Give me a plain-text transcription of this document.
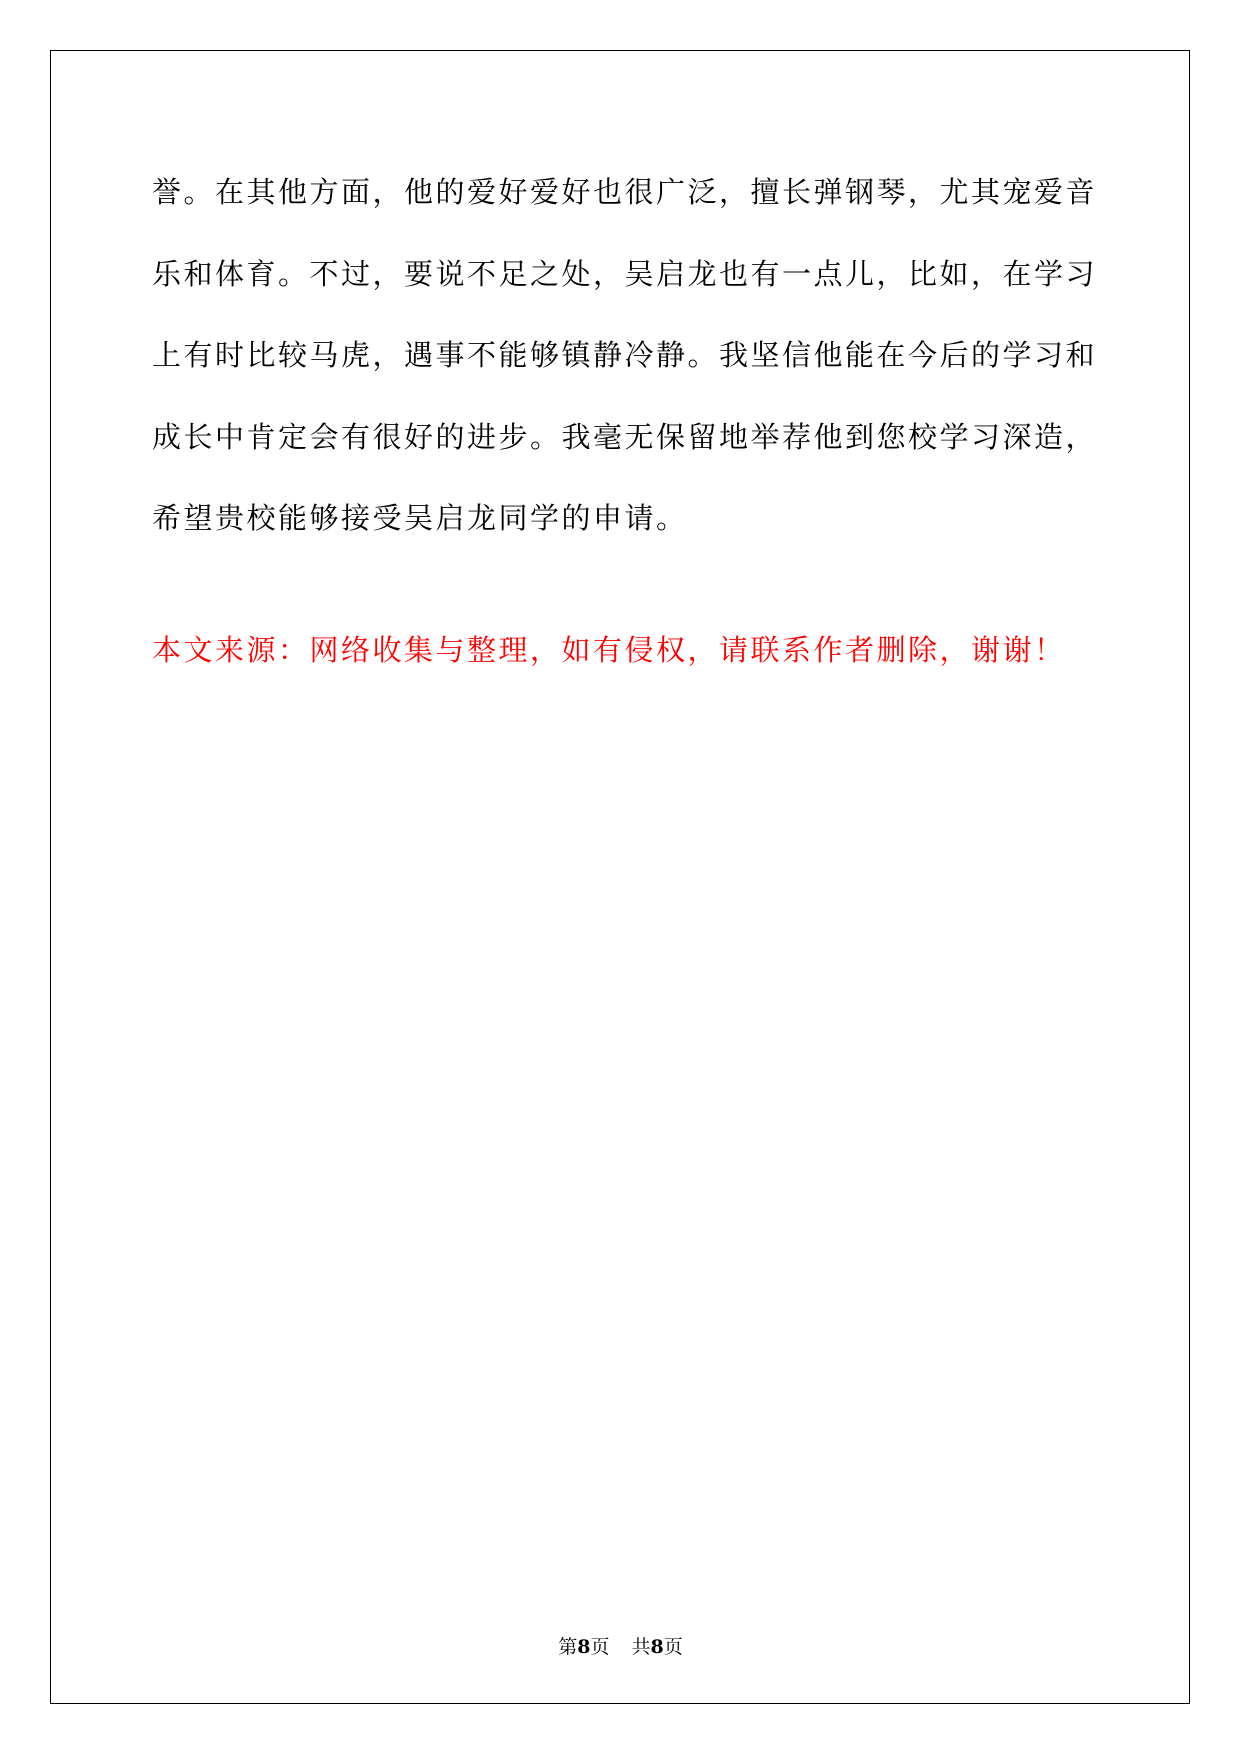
誉。在其他方面，他的爱好爱好也很广泛，擅长弹钢琴，尤其宠爱音
乐和体育。不过，要说不足之处，吴启龙也有一点儿，比如，在学习
上有时比较马虎，遇事不能够镇静冷静。我坚信他能在今后的学习和
成长中肯定会有很好的进步。我毫无保留地举荐他到您校学习深造，
希望贵校能够接受吴启龙同学的申请。

本文来源：网络收集与整理，如有侵权，请联系作者删除，谢谢！

第8页 共8页
